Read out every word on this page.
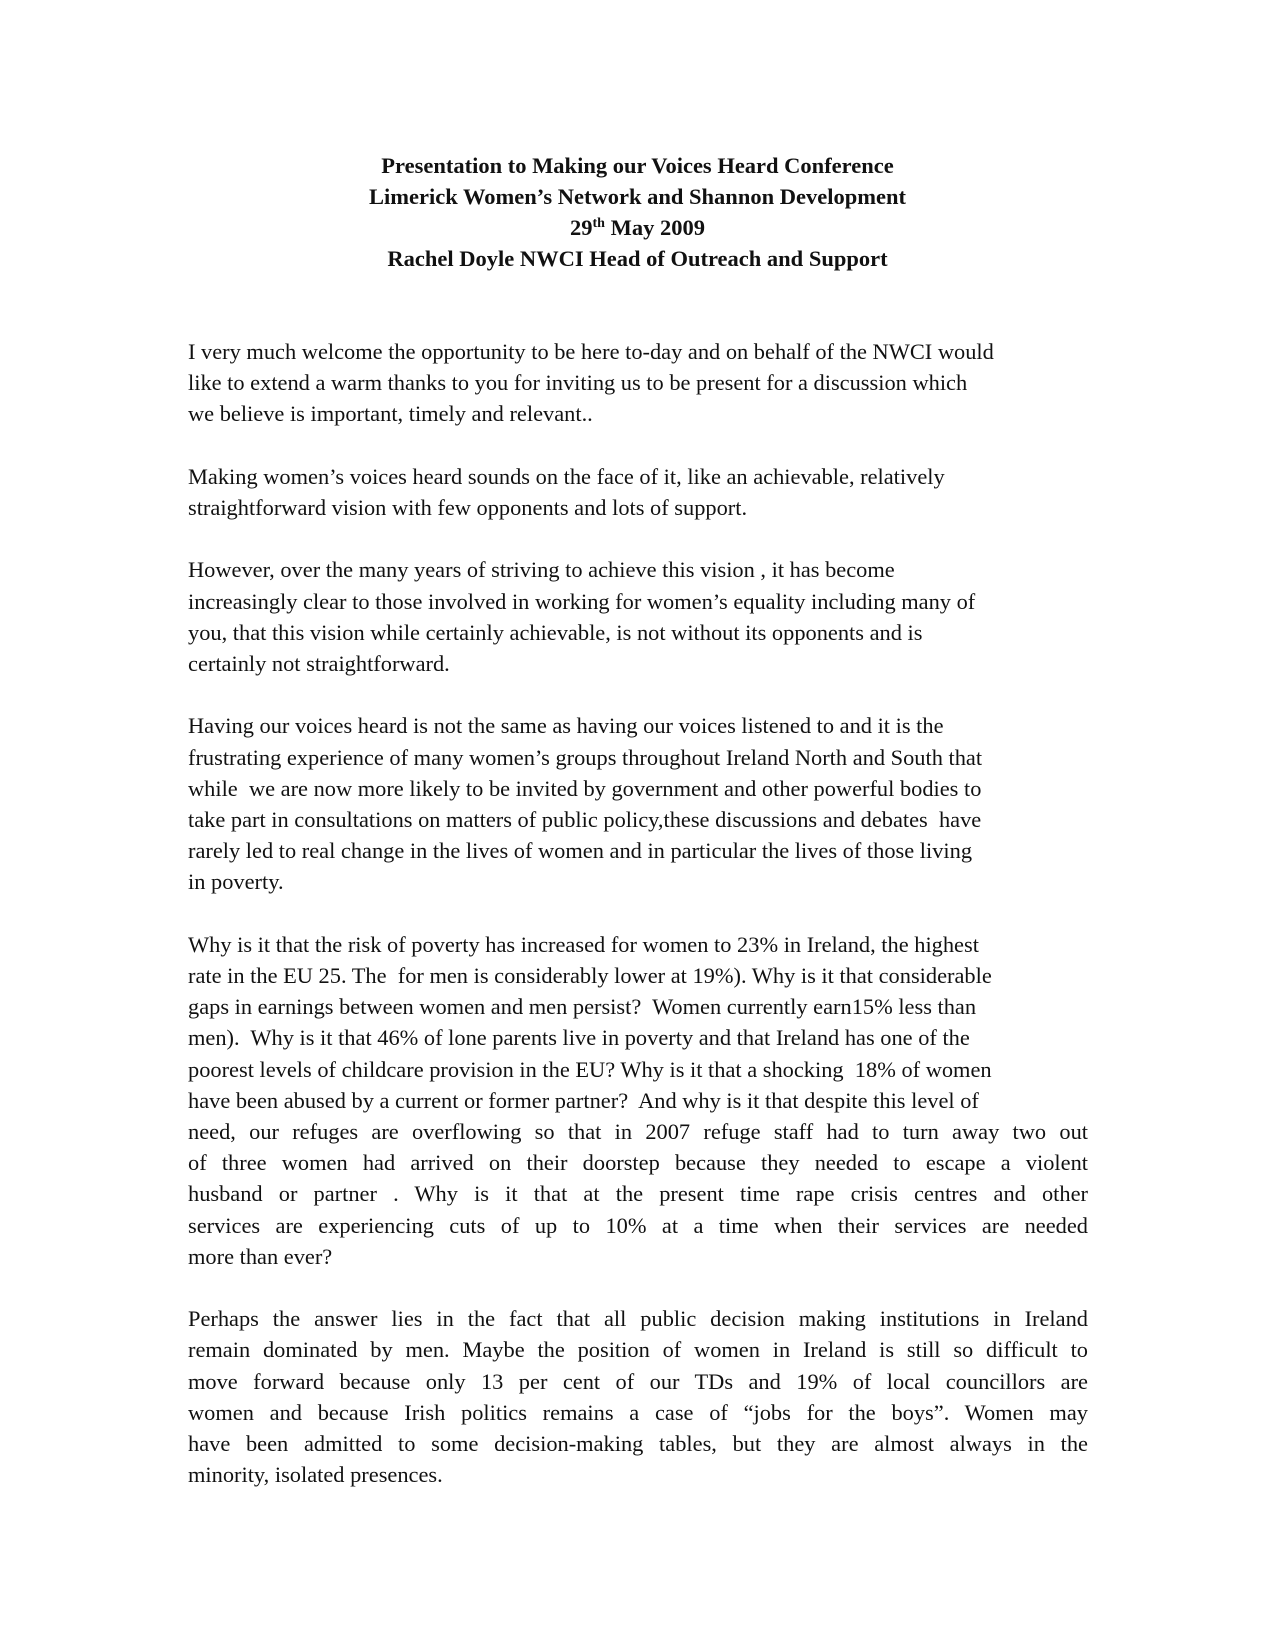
Presentation to Making our Voices Heard Conference
Limerick Women’s Network and Shannon Development
29th May 2009
Rachel Doyle NWCI Head of Outreach and Support
I very much welcome the opportunity to be here to-day and on behalf of the NWCI would
like to extend a warm thanks to you for inviting us to be present for a discussion which
we believe is important, timely and relevant..
Making women’s voices heard sounds on the face of it, like an achievable, relatively
straightforward vision with few opponents and lots of support.
However, over the many years of striving to achieve this vision , it has become
increasingly clear to those involved in working for women’s equality including many of
you, that this vision while certainly achievable, is not without its opponents and is
certainly not straightforward.
Having our voices heard is not the same as having our voices listened to and it is the
frustrating experience of many women’s groups throughout Ireland North and South that
while  we are now more likely to be invited by government and other powerful bodies to
take part in consultations on matters of public policy,these discussions and debates  have
rarely led to real change in the lives of women and in particular the lives of those living
in poverty.
Why is it that the risk of poverty has increased for women to 23% in Ireland, the highest
rate in the EU 25. The  for men is considerably lower at 19%). Why is it that considerable
gaps in earnings between women and men persist?  Women currently earn15% less than
men).  Why is it that 46% of lone parents live in poverty and that Ireland has one of the
poorest levels of childcare provision in the EU? Why is it that a shocking  18% of women
have been abused by a current or former partner?  And why is it that despite this level of
need, our refuges are overflowing so that in 2007 refuge staff had to turn away two out
of three women had arrived on their doorstep because they needed to escape a violent
husband or partner . Why is it that at the present time rape crisis centres and other
services are experiencing cuts of up to 10% at a time when their services are needed
more than ever?
Perhaps the answer lies in the fact that all public decision making institutions in Ireland
remain dominated by men. Maybe the position of women in Ireland is still so difficult to
move forward because only 13 per cent of our TDs and 19% of local councillors are
women and because Irish politics remains a case of “jobs for the boys”. Women may
have been admitted to some decision-making tables, but they are almost always in the
minority, isolated presences.
